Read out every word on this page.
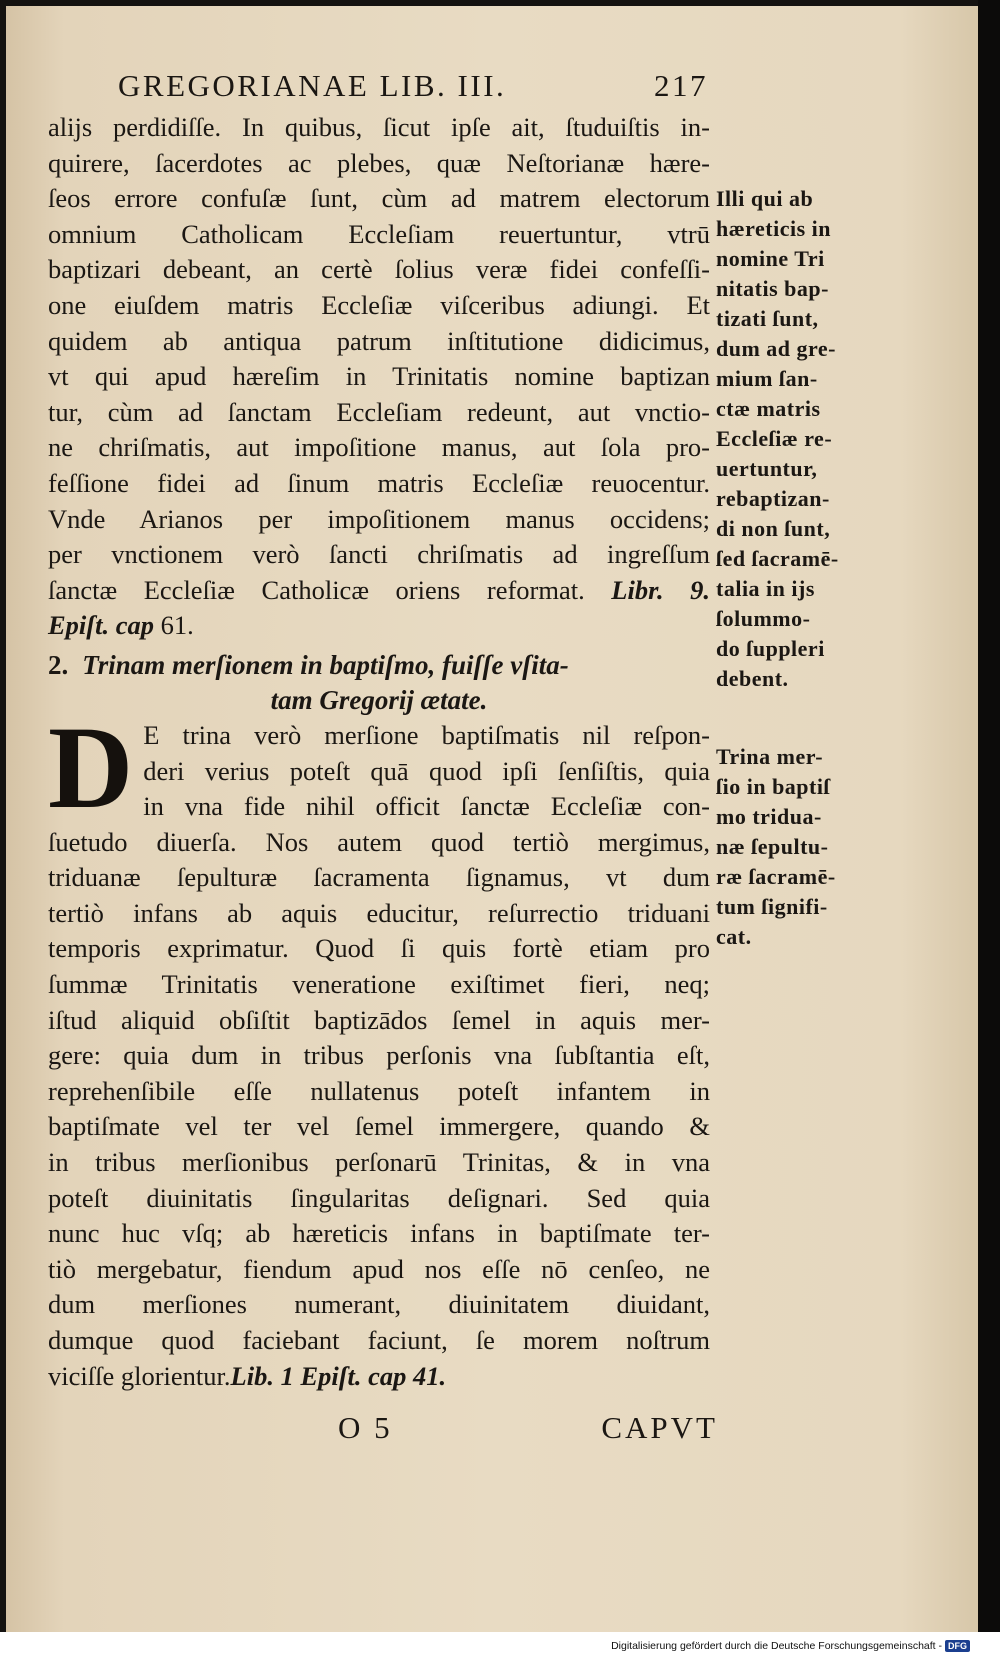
GREGORIANAE LIB. III.	217

alijs perdidiſſe. In quibus, ſicut ipſe ait, ſtuduiſtis in-
quirere, ſacerdotes ac plebes, quæ Neſtorianæ hære-
ſeos errore confuſæ ſunt, cùm ad matrem electorum
omnium Catholicam Eccleſiam reuertuntur, vtrū
baptizari debeant, an certè ſolius veræ fidei confeſſi-
one eiuſdem matris Eccleſiæ viſceribus adiungi. Et
quidem ab antiqua patrum inſtitutione didicimus,
vt qui apud hæreſim in Trinitatis nomine baptizan
tur, cùm ad ſanctam Eccleſiam redeunt, aut vnctio-
ne chriſmatis, aut impoſitione manus, aut ſola pro-
feſſione fidei ad ſinum matris Eccleſiæ reuocentur.
Vnde Arianos per impoſitionem manus occidens;
per vnctionem verò ſancti chriſmatis ad ingreſſum
ſanctæ Eccleſiæ Catholicæ oriens reformat. Libr. 9.
Epiſt. cap 61.

2. Trinam merſionem in baptiſmo, fuiſſe vſita-
tam Gregorij ætate.

D E trina verò merſione baptiſmatis nil reſpon-
deri verius poteſt quā quod ipſi ſenſiſtis, quia
in vna fide nihil officit ſanctæ Eccleſiæ con-
ſuetudo diuerſa. Nos autem quod tertiò mergimus,
triduanæ ſepulturæ ſacramenta ſignamus, vt dum
tertiò infans ab aquis educitur, reſurrectio triduani
temporis exprimatur. Quod ſi quis fortè etiam pro
ſummæ Trinitatis veneratione exiſtimet fieri, neq;
iſtud aliquid obſiſtit baptizādos ſemel in aquis mer-
gere: quia dum in tribus perſonis vna ſubſtantia eſt,
reprehenſibile eſſe nullatenus poteſt infantem in
baptiſmate vel ter vel ſemel immergere, quando &
in tribus merſionibus perſonarū Trinitas, & in vna
poteſt diuinitatis ſingularitas deſignari. Sed quia
nunc huc vſq; ab hæreticis infans in baptiſmate ter-
tiò mergebatur, fiendum apud nos eſſe nō cenſeo, ne
dum merſiones numerant, diuinitatem diuidant,
dumque quod faciebant faciunt, ſe morem noſtrum
viciſſe glorientur.Lib. 1 Epiſt. cap 41.

Illi qui ab
hæreticis in
nomine Tri
nitatis bap-
tizati ſunt,
dum ad gre-
mium ſan-
ctæ matris
Eccleſiæ re-
uertuntur,
rebaptizan-
di non ſunt,
ſed ſacramē-
talia in ijs
ſolummo-
do ſuppleri
debent.
Trina mer-
ſio in baptiſ
mo tridua-
næ ſepultu-
ræ ſacramē-
tum ſignifi-
cat.
O 5	CAPVT
Digitalisierung gefördert durch die Deutsche Forschungsgemeinschaft - DFG
